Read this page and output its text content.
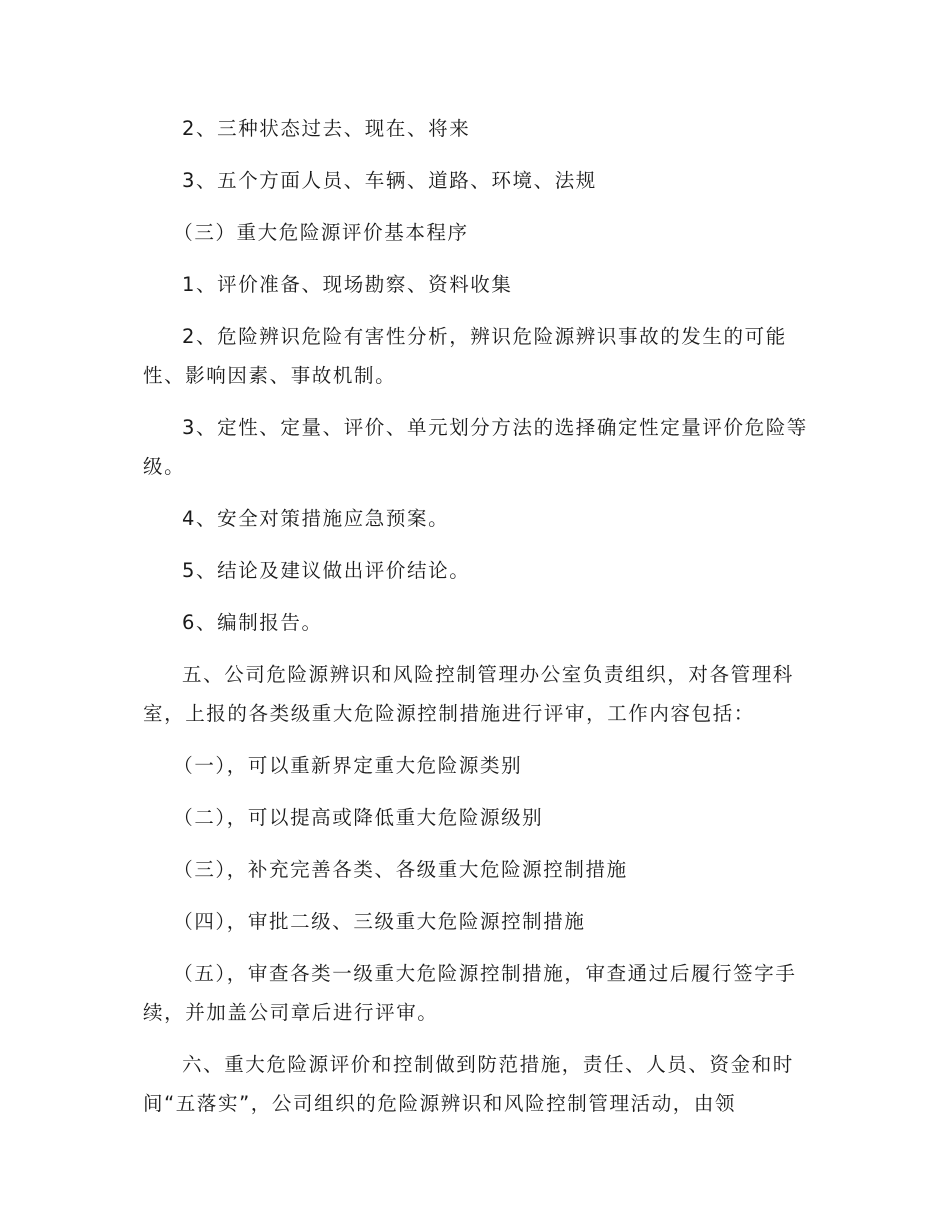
2、三种状态过去、现在、将来

3、五个方面人员、车辆、道路、环境、法规

（三）重大危险源评价基本程序

1、评价准备、现场勘察、资料收集

2、危险辨识危险有害性分析，辨识危险源辨识事故的发生的可能性、影响因素、事故机制。

3、定性、定量、评价、单元划分方法的选择确定性定量评价危险等级。

4、安全对策措施应急预案。

5、结论及建议做出评价结论。

6、编制报告。

五、公司危险源辨识和风险控制管理办公室负责组织，对各管理科室，上报的各类级重大危险源控制措施进行评审，工作内容包括：

（一），可以重新界定重大危险源类别

（二），可以提高或降低重大危险源级别

（三），补充完善各类、各级重大危险源控制措施

（四），审批二级、三级重大危险源控制措施

（五），审查各类一级重大危险源控制措施，审查通过后履行签字手续，并加盖公司章后进行评审。

六、重大危险源评价和控制做到防范措施，责任、人员、资金和时间“五落实”，公司组织的危险源辨识和风险控制管理活动，由领
